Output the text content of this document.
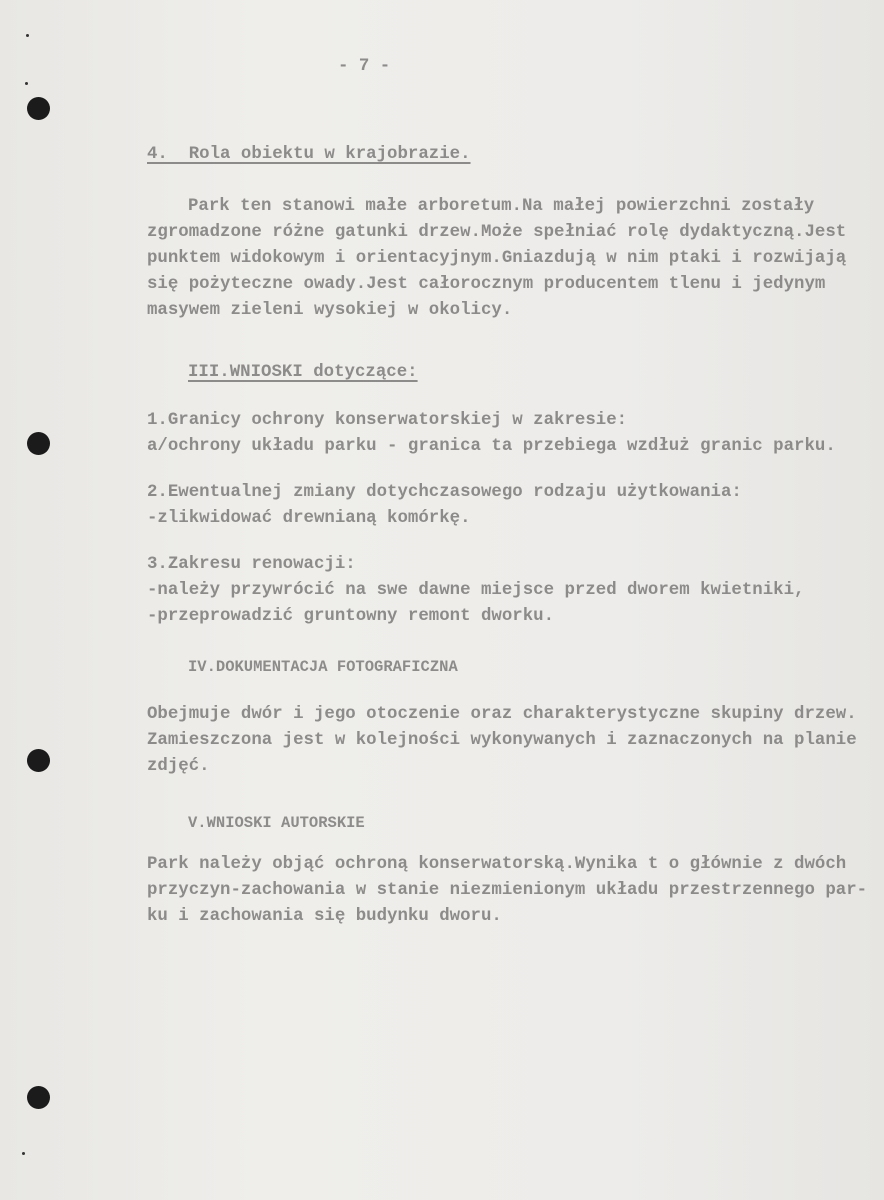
- 7 -
4.  Rola obiektu w krajobrazie.
Park ten stanowi małe arboretum.Na małej powierzchni zostały
zgromadzone różne gatunki drzew.Może spełniać rolę dydaktyczną.Jest
punktem widokowym i orientacyjnym.Gniazdują w nim ptaki i rozwijają
się pożyteczne owady.Jest całorocznym producentem tlenu i jedynym
masywem zieleni wysokiej w okolicy.
III.WNIOSKI dotyczące:
1.Granicy ochrony konserwatorskiej w zakresie:
a/ochrony układu parku - granica ta przebiega wzdłuż granic parku.
2.Ewentualnej zmiany dotychczasowego rodzaju użytkowania:
-zlikwidować drewnianą komórkę.
3.Zakresu renowacji:
-należy przywrócić na swe dawne miejsce przed dworem kwietniki,
-przeprowadzić gruntowny remont dworku.
IV.DOKUMENTACJA FOTOGRAFICZNA
Obejmuje dwór i jego otoczenie oraz charakterystyczne skupiny drzew.
Zamieszczona jest w kolejności wykonywanych i zaznaczonych na planie
zdjęć.
V.WNIOSKI AUTORSKIE
Park należy objąć ochroną konserwatorską.Wynika t o głównie z dwóch
przyczyn-zachowania w stanie niezmienionym układu przestrzennego par-
ku i zachowania się budynku dworu.
